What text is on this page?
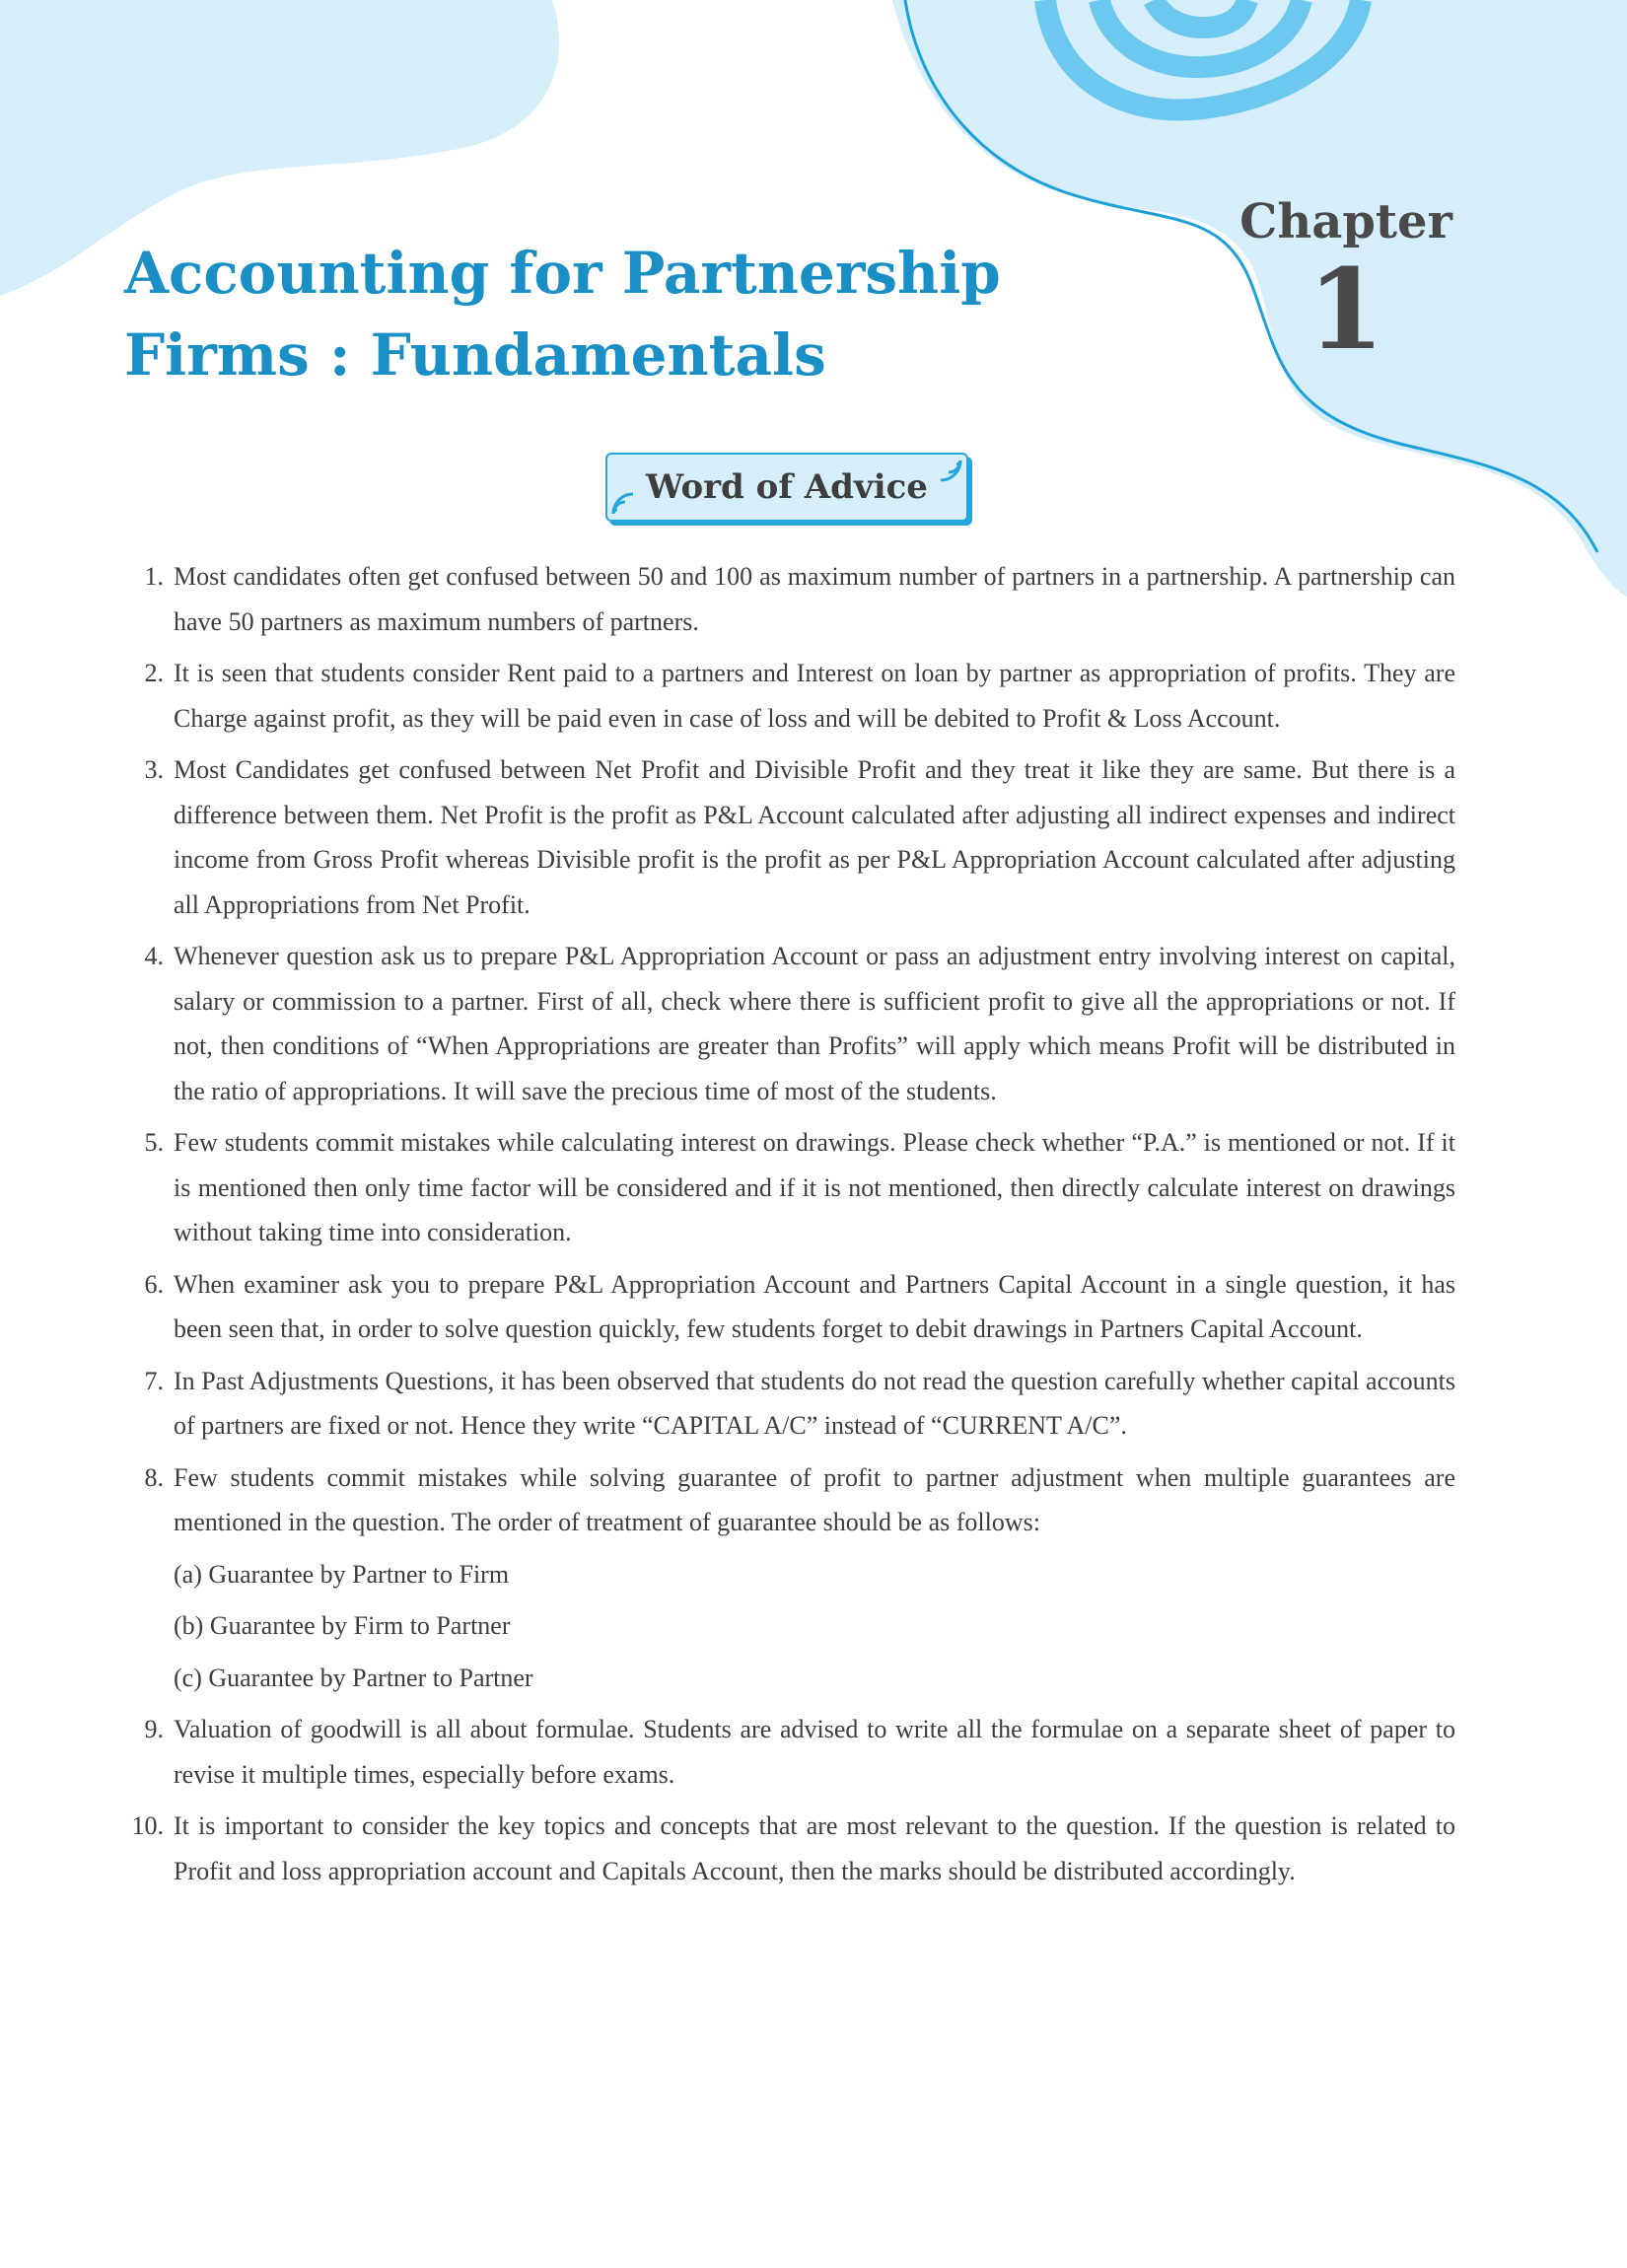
Accounting for Partnership
Firms : Fundamentals
Chapter
1
Word of Advice
1. Most candidates often get confused between 50 and 100 as maximum number of partners in a partnership. A partnership can have 50 partners as maximum numbers of partners.
2. It is seen that students consider Rent paid to a partners and Interest on loan by partner as appropriation of profits. They are Charge against profit, as they will be paid even in case of loss and will be debited to Profit & Loss Account.
3. Most Candidates get confused between Net Profit and Divisible Profit and they treat it like they are same. But there is a difference between them. Net Profit is the profit as P&L Account calculated after adjusting all indirect expenses and indirect income from Gross Profit whereas Divisible profit is the profit as per P&L Appropriation Account calculated after adjusting all Appropriations from Net Profit.
4. Whenever question ask us to prepare P&L Appropriation Account or pass an adjustment entry involving interest on capital, salary or commission to a partner. First of all, check where there is sufficient profit to give all the appropriations or not. If not, then conditions of “When Appropriations are greater than Profits” will apply which means Profit will be distributed in the ratio of appropriations. It will save the precious time of most of the students.
5. Few students commit mistakes while calculating interest on drawings. Please check whether “P.A.” is mentioned or not. If it is mentioned then only time factor will be considered and if it is not mentioned, then directly calculate interest on drawings without taking time into consideration.
6. When examiner ask you to prepare P&L Appropriation Account and Partners Capital Account in a single question, it has been seen that, in order to solve question quickly, few students forget to debit drawings in Partners Capital Account.
7. In Past Adjustments Questions, it has been observed that students do not read the question carefully whether capital accounts of partners are fixed or not. Hence they write “CAPITAL A/C” instead of “CURRENT A/C”.
8. Few students commit mistakes while solving guarantee of profit to partner adjustment when multiple guarantees are mentioned in the question. The order of treatment of guarantee should be as follows:
(a) Guarantee by Partner to Firm
(b) Guarantee by Firm to Partner
(c) Guarantee by Partner to Partner
9. Valuation of goodwill is all about formulae. Students are advised to write all the formulae on a separate sheet of paper to revise it multiple times, especially before exams.
10. It is important to consider the key topics and concepts that are most relevant to the question. If the question is related to Profit and loss appropriation account and Capitals Account, then the marks should be distributed accordingly.
